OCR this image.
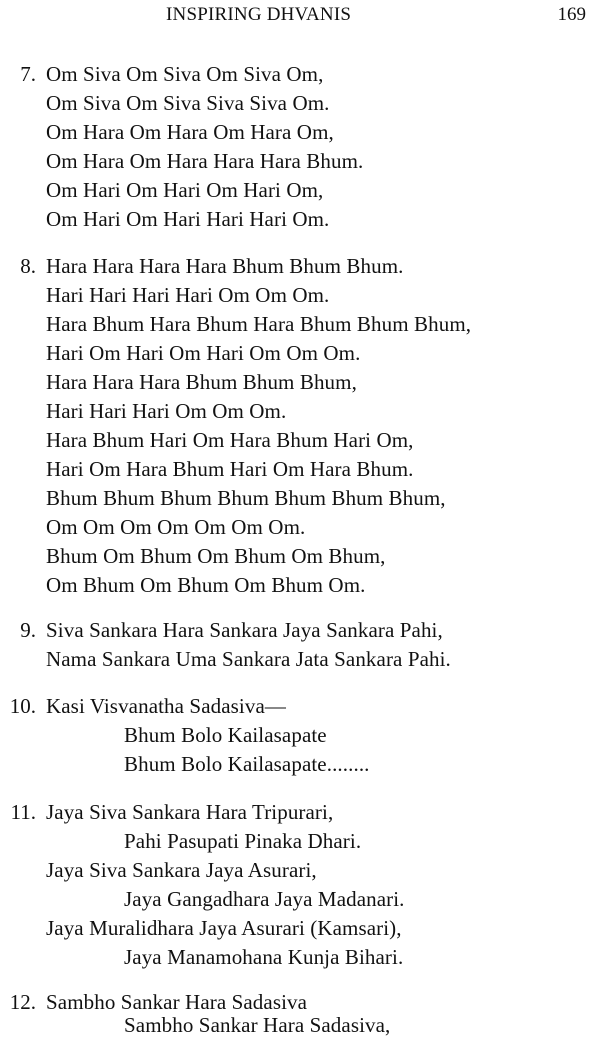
INSPIRING DHVANIS	169
7. Om Siva Om Siva Om Siva Om,
Om Siva Om Siva Siva Siva Om.
Om Hara Om Hara Om Hara Om,
Om Hara Om Hara Hara Hara Bhum.
Om Hari Om Hari Om Hari Om,
Om Hari Om Hari Hari Hari Om.
8. Hara Hara Hara Hara Bhum Bhum Bhum.
Hari Hari Hari Hari Om Om Om.
Hara Bhum Hara Bhum Hara Bhum Bhum Bhum,
Hari Om Hari Om Hari Om Om Om.
Hara Hara Hara Bhum Bhum Bhum,
Hari Hari Hari Om Om Om.
Hara Bhum Hari Om Hara Bhum Hari Om,
Hari Om Hara Bhum Hari Om Hara Bhum.
Bhum Bhum Bhum Bhum Bhum Bhum Bhum,
Om Om Om Om Om Om Om.
Bhum Om Bhum Om Bhum Om Bhum,
Om Bhum Om Bhum Om Bhum Om.
9. Siva Sankara Hara Sankara Jaya Sankara Pahi,
Nama Sankara Uma Sankara Jata Sankara Pahi.
10. Kasi Visvanatha Sadasiva—
Bhum Bolo Kailasapate
Bhum Bolo Kailasapate........
11. Jaya Siva Sankara Hara Tripurari,
Pahi Pasupati Pinaka Dhari.
Jaya Siva Sankara Jaya Asurari,
Jaya Gangadhara Jaya Madanari.
Jaya Muralidhara Jaya Asurari (Kamsari),
Jaya Manamohana Kunja Bihari.
12. Sambho Sankar Hara Sadasiva
Sambho Sankar Hara Sadasiva,
